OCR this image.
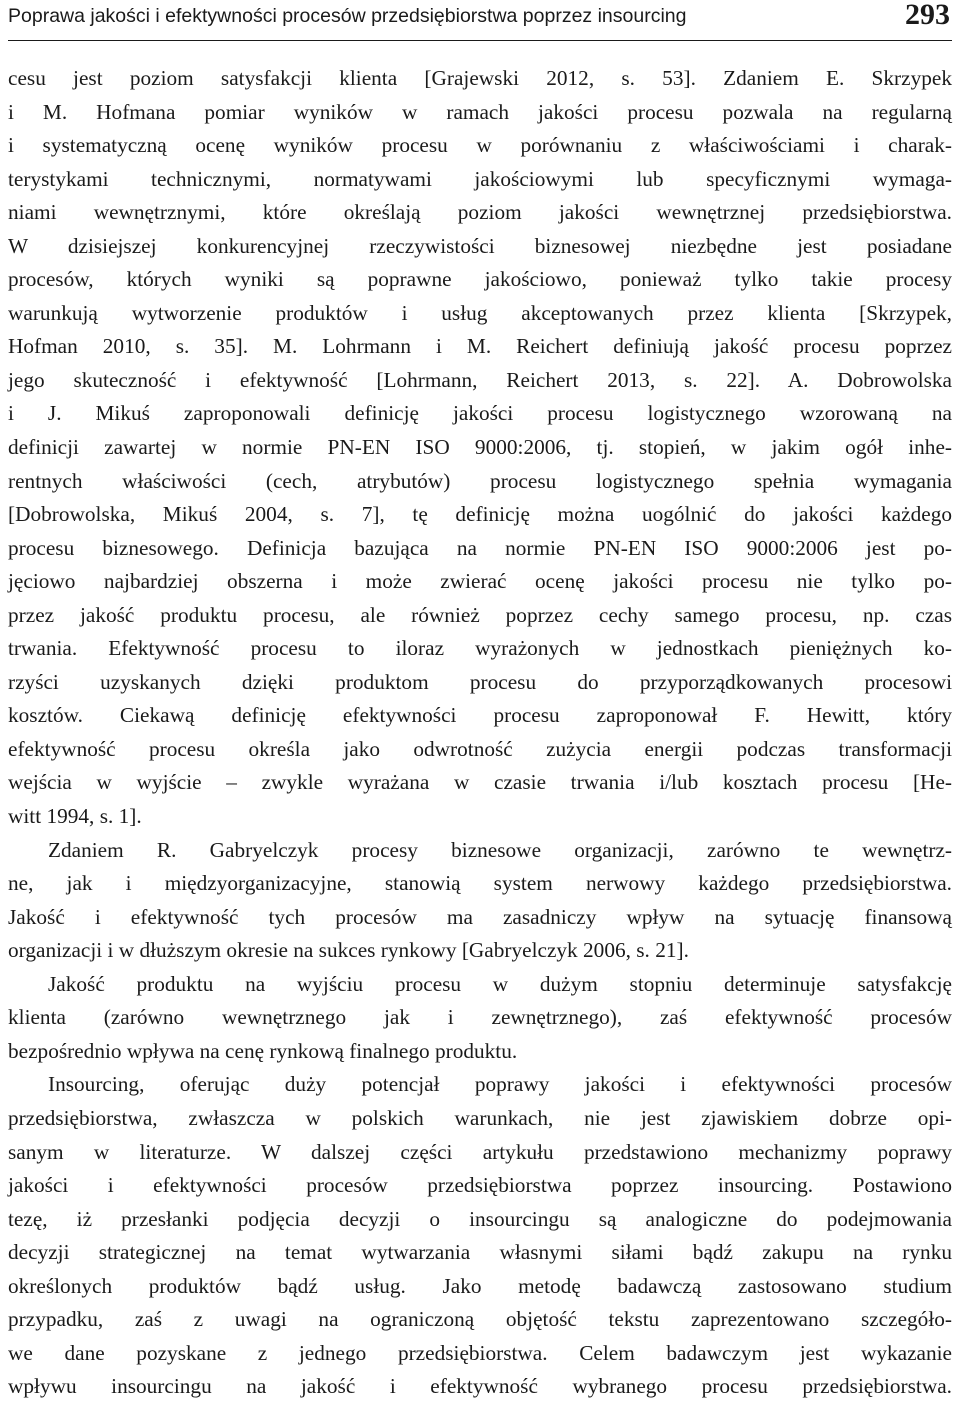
Poprawa jakości i efektywności procesów przedsiębiorstwa poprzez insourcing	293
cesu jest poziom satysfakcji klienta [Grajewski 2012, s. 53]. Zdaniem E. Skrzypek
i M. Hofmana pomiar wyników w ramach jakości procesu pozwala na regularną
i systematyczną ocenę wyników procesu w porównaniu z właściwościami i charak-
terystykami technicznymi, normatywami jakościowymi lub specyficznymi wymaga-
niami wewnętrznymi, które określają poziom jakości wewnętrznej przedsiębiorstwa.
W dzisiejszej konkurencyjnej rzeczywistości biznesowej niezbędne jest posiadane
procesów, których wyniki są poprawne jakościowo, ponieważ tylko takie procesy
warunkują wytworzenie produktów i usług akceptowanych przez klienta [Skrzypek,
Hofman 2010, s. 35]. M. Lohrmann i M. Reichert definiują jakość procesu poprzez
jego skuteczność i efektywność [Lohrmann, Reichert 2013, s. 22]. A. Dobrowolska
i J. Mikuś zaproponowali definicję jakości procesu logistycznego wzorowaną na
definicji zawartej w normie PN-EN ISO 9000:2006, tj. stopień, w jakim ogół inhe-
rentnych właściwości (cech, atrybutów) procesu logistycznego spełnia wymagania
[Dobrowolska, Mikuś 2004, s. 7], tę definicję można uogólnić do jakości każdego
procesu biznesowego. Definicja bazująca na normie PN-EN ISO 9000:2006 jest po-
jęciowo najbardziej obszerna i może zwierać ocenę jakości procesu nie tylko po-
przez jakość produktu procesu, ale również poprzez cechy samego procesu, np. czas
trwania. Efektywność procesu to iloraz wyrażonych w jednostkach pieniężnych ko-
rzyści uzyskanych dzięki produktom procesu do przyporządkowanych procesowi
kosztów. Ciekawą definicję efektywności procesu zaproponował F. Hewitt, który
efektywność procesu określa jako odwrotność zużycia energii podczas transformacji
wejścia w wyjście – zwykle wyrażana w czasie trwania i/lub kosztach procesu [He-
witt 1994, s. 1].
Zdaniem R. Gabryelczyk procesy biznesowe organizacji, zarówno te wewnętrz-
ne, jak i międzyorganizacyjne, stanowią system nerwowy każdego przedsiębiorstwa.
Jakość i efektywność tych procesów ma zasadniczy wpływ na sytuację finansową
organizacji i w dłuższym okresie na sukces rynkowy [Gabryelczyk 2006, s. 21].
Jakość produktu na wyjściu procesu w dużym stopniu determinuje satysfakcję
klienta (zarówno wewnętrznego jak i zewnętrznego), zaś efektywność procesów
bezpośrednio wpływa na cenę rynkową finalnego produktu.
Insourcing, oferując duży potencjał poprawy jakości i efektywności procesów
przedsiębiorstwa, zwłaszcza w polskich warunkach, nie jest zjawiskiem dobrze opi-
sanym w literaturze. W dalszej części artykułu przedstawiono mechanizmy poprawy
jakości i efektywności procesów przedsiębiorstwa poprzez insourcing. Postawiono
tezę, iż przesłanki podjęcia decyzji o insourcingu są analogiczne do podejmowania
decyzji strategicznej na temat wytwarzania własnymi siłami bądź zakupu na rynku
określonych produktów bądź usług. Jako metodę badawczą zastosowano studium
przypadku, zaś z uwagi na ograniczoną objętość tekstu zaprezentowano szczegóło-
we dane pozyskane z jednego przedsiębiorstwa. Celem badawczym jest wykazanie
wpływu insourcingu na jakość i efektywność wybranego procesu przedsiębiorstwa.
